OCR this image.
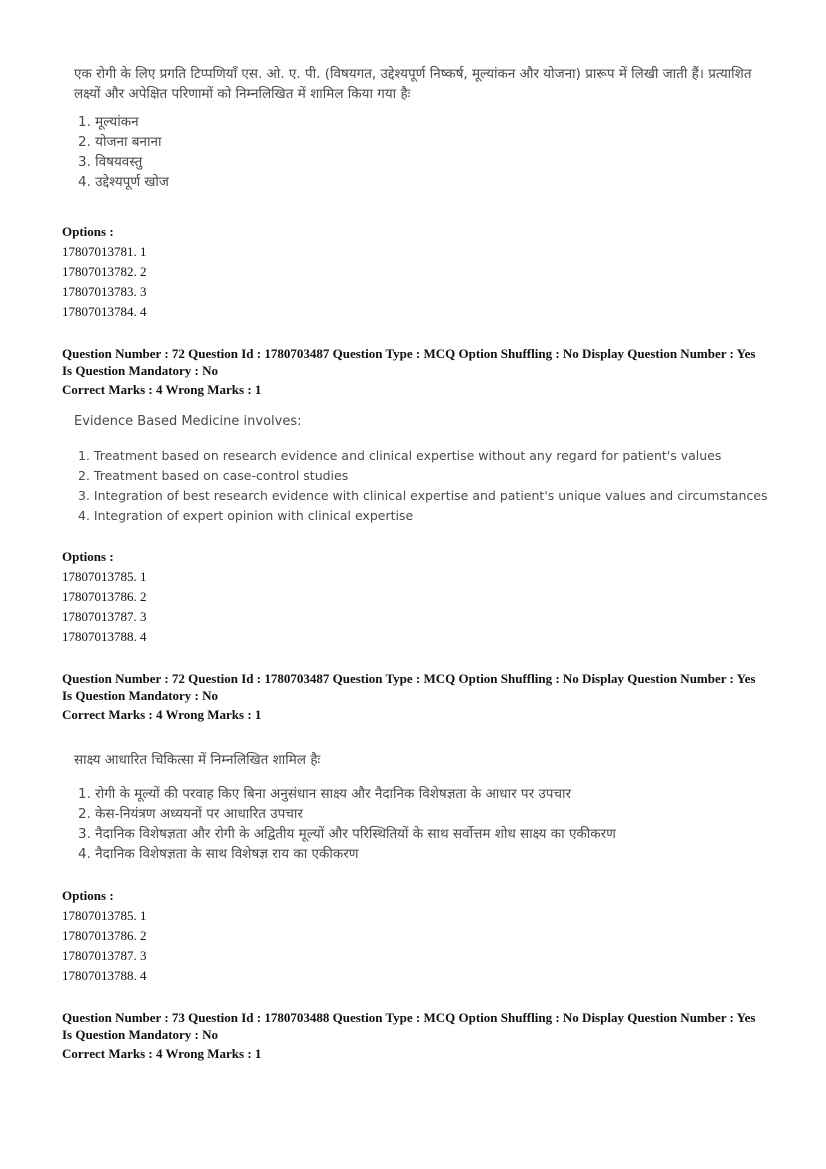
एक रोगी के लिए प्रगति टिप्पणियाँ एस. ओ. ए. पी. (विषयगत, उद्देश्यपूर्ण निष्कर्ष, मूल्यांकन और योजना) प्रारूप में लिखी जाती हैं। प्रत्याशित
लक्ष्यों और अपेक्षित परिणामों को निम्नलिखित में शामिल किया गया हैः
1. मूल्यांकन
2. योजना बनाना
3. विषयवस्तु
4. उद्देश्यपूर्ण खोज
Options :
17807013781. 1
17807013782. 2
17807013783. 3
17807013784. 4
Question Number : 72 Question Id : 1780703487 Question Type : MCQ Option Shuffling : No Display Question Number : Yes
Is Question Mandatory : No
Correct Marks : 4 Wrong Marks : 1
Evidence Based Medicine involves:
1. Treatment based on research evidence and clinical expertise without any regard for patient's values
2. Treatment based on case-control studies
3. Integration of best research evidence with clinical expertise and patient's unique values and circumstances
4. Integration of expert opinion with clinical expertise
Options :
17807013785. 1
17807013786. 2
17807013787. 3
17807013788. 4
Question Number : 72 Question Id : 1780703487 Question Type : MCQ Option Shuffling : No Display Question Number : Yes
Is Question Mandatory : No
Correct Marks : 4 Wrong Marks : 1
साक्ष्य आधारित चिकित्सा में निम्नलिखित शामिल हैः
1. रोगी के मूल्यों की परवाह किए बिना अनुसंधान साक्ष्य और नैदानिक विशेषज्ञता के आधार पर उपचार
2. केस-नियंत्रण अध्ययनों पर आधारित उपचार
3. नैदानिक विशेषज्ञता और रोगी के अद्वितीय मूल्यों और परिस्थितियों के साथ सर्वोत्तम शोध साक्ष्य का एकीकरण
4. नैदानिक विशेषज्ञता के साथ विशेषज्ञ राय का एकीकरण
Options :
17807013785. 1
17807013786. 2
17807013787. 3
17807013788. 4
Question Number : 73 Question Id : 1780703488 Question Type : MCQ Option Shuffling : No Display Question Number : Yes
Is Question Mandatory : No
Correct Marks : 4 Wrong Marks : 1
